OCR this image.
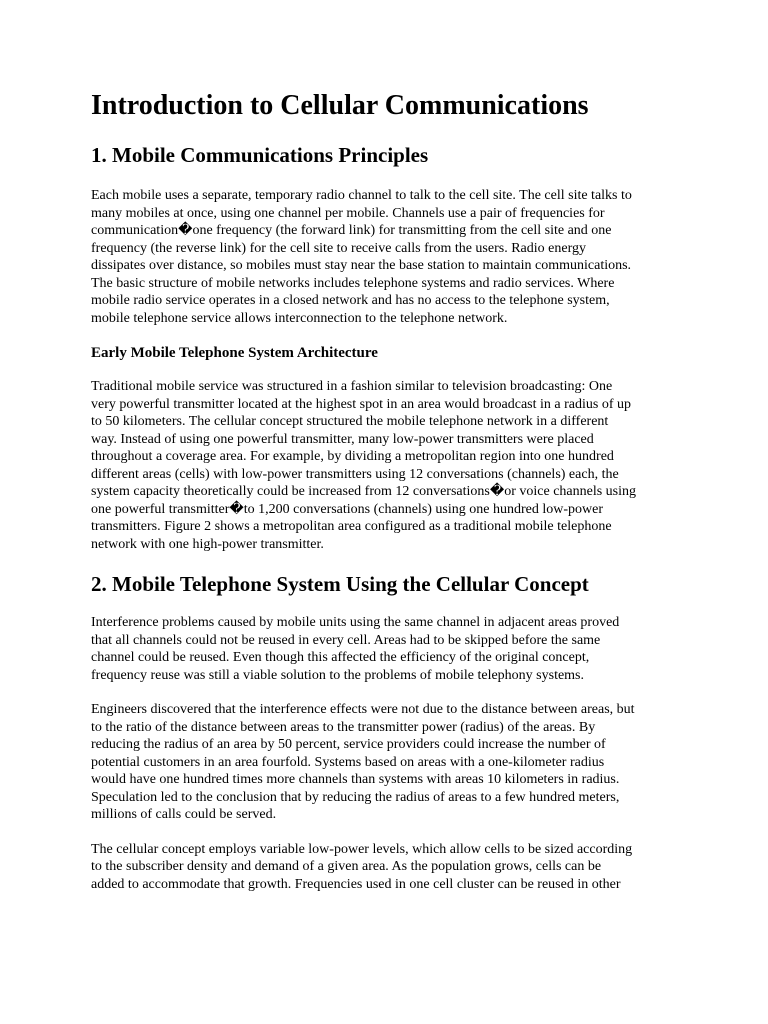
Introduction to Cellular Communications
1. Mobile Communications Principles
Each mobile uses a separate, temporary radio channel to talk to the cell site. The cell site talks to
many mobiles at once, using one channel per mobile. Channels use a pair of frequencies for
communication�one frequency (the forward link) for transmitting from the cell site and one
frequency (the reverse link) for the cell site to receive calls from the users. Radio energy
dissipates over distance, so mobiles must stay near the base station to maintain communications.
The basic structure of mobile networks includes telephone systems and radio services. Where
mobile radio service operates in a closed network and has no access to the telephone system,
mobile telephone service allows interconnection to the telephone network.
Early Mobile Telephone System Architecture
Traditional mobile service was structured in a fashion similar to television broadcasting: One
very powerful transmitter located at the highest spot in an area would broadcast in a radius of up
to 50 kilometers. The cellular concept structured the mobile telephone network in a different
way. Instead of using one powerful transmitter, many low-power transmitters were placed
throughout a coverage area. For example, by dividing a metropolitan region into one hundred
different areas (cells) with low-power transmitters using 12 conversations (channels) each, the
system capacity theoretically could be increased from 12 conversations�or voice channels using
one powerful transmitter�to 1,200 conversations (channels) using one hundred low-power
transmitters. Figure 2 shows a metropolitan area configured as a traditional mobile telephone
network with one high-power transmitter.
2. Mobile Telephone System Using the Cellular Concept
Interference problems caused by mobile units using the same channel in adjacent areas proved
that all channels could not be reused in every cell. Areas had to be skipped before the same
channel could be reused. Even though this affected the efficiency of the original concept,
frequency reuse was still a viable solution to the problems of mobile telephony systems.
Engineers discovered that the interference effects were not due to the distance between areas, but
to the ratio of the distance between areas to the transmitter power (radius) of the areas. By
reducing the radius of an area by 50 percent, service providers could increase the number of
potential customers in an area fourfold. Systems based on areas with a one-kilometer radius
would have one hundred times more channels than systems with areas 10 kilometers in radius.
Speculation led to the conclusion that by reducing the radius of areas to a few hundred meters,
millions of calls could be served.
The cellular concept employs variable low-power levels, which allow cells to be sized according
to the subscriber density and demand of a given area. As the population grows, cells can be
added to accommodate that growth. Frequencies used in one cell cluster can be reused in other
